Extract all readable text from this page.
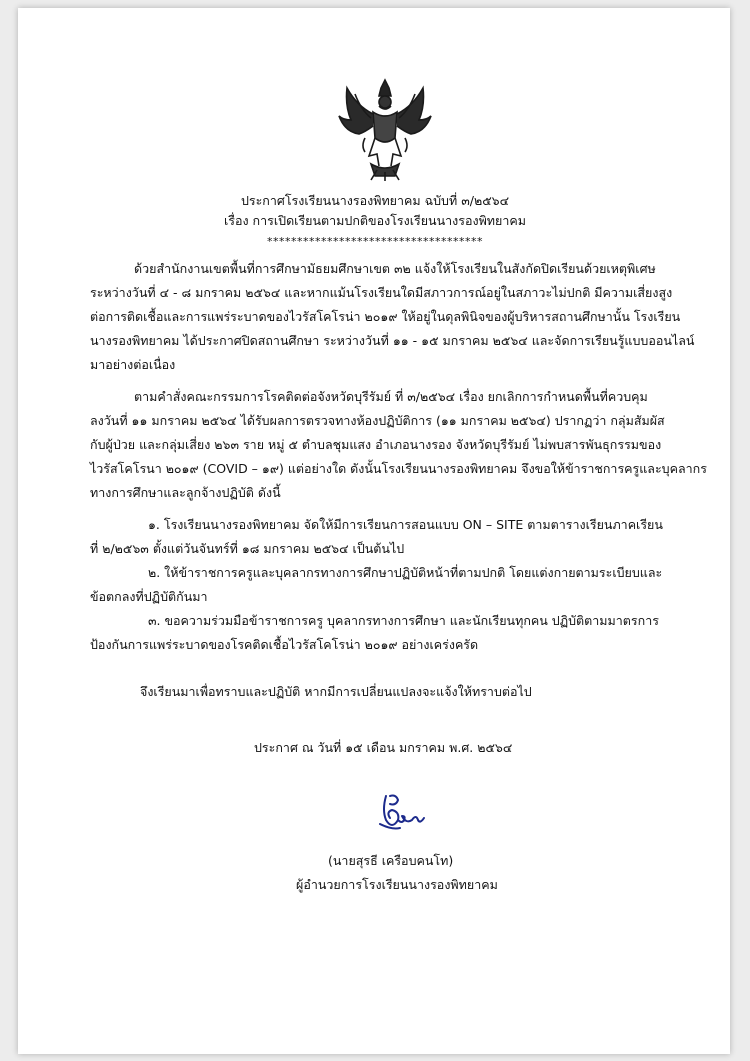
ประกาศโรงเรียนนางรองพิทยาคม ฉบับที่ ๓/๒๕๖๔
เรื่อง การเปิดเรียนตามปกติของโรงเรียนนางรองพิทยาคม
************************************
ด้วยสำนักงานเขตพื้นที่การศึกษามัธยมศึกษาเขต ๓๒ แจ้งให้โรงเรียนในสังกัดปิดเรียนด้วยเหตุพิเศษ
ระหว่างวันที่ ๔ - ๘ มกราคม ๒๕๖๔ และหากแม้นโรงเรียนใดมีสภาวการณ์อยู่ในสภาวะไม่ปกติ มีความเสี่ยงสูง
ต่อการติดเชื้อและการแพร่ระบาดของไวรัสโคโรน่า ๒๐๑๙ ให้อยู่ในดุลพินิจของผู้บริหารสถานศึกษานั้น โรงเรียน
นางรองพิทยาคม ได้ประกาศปิดสถานศึกษา ระหว่างวันที่ ๑๑ - ๑๕ มกราคม ๒๕๖๔ และจัดการเรียนรู้แบบออนไลน์
มาอย่างต่อเนื่อง
ตามคำสั่งคณะกรรมการโรคติดต่อจังหวัดบุรีรัมย์ ที่ ๓/๒๕๖๔ เรื่อง ยกเลิกการกำหนดพื้นที่ควบคุม
ลงวันที่ ๑๑ มกราคม ๒๕๖๔ ได้รับผลการตรวจทางห้องปฏิบัติการ (๑๑ มกราคม ๒๕๖๔) ปรากฏว่า กลุ่มสัมผัส
กับผู้ป่วย และกลุ่มเสี่ยง ๒๖๓ ราย หมู่ ๕ ตำบลชุมแสง อำเภอนางรอง จังหวัดบุรีรัมย์ ไม่พบสารพันธุกรรมของ
ไวรัสโคโรนา ๒๐๑๙ (COVID – ๑๙) แต่อย่างใด ดังนั้นโรงเรียนนางรองพิทยาคม จึงขอให้ข้าราชการครูและบุคลากร
ทางการศึกษาและลูกจ้างปฏิบัติ ดังนี้
๑. โรงเรียนนางรองพิทยาคม จัดให้มีการเรียนการสอนแบบ ON – SITE ตามตารางเรียนภาคเรียน
ที่ ๒/๒๕๖๓ ตั้งแต่วันจันทร์ที่ ๑๘ มกราคม ๒๕๖๔ เป็นต้นไป
๒. ให้ข้าราชการครูและบุคลากรทางการศึกษาปฏิบัติหน้าที่ตามปกติ โดยแต่งกายตามระเบียบและ
ข้อตกลงที่ปฏิบัติกันมา
๓. ขอความร่วมมือข้าราชการครู บุคลากรทางการศึกษา และนักเรียนทุกคน ปฏิบัติตามมาตรการ
ป้องกันการแพร่ระบาดของโรคติดเชื้อไวรัสโคโรน่า ๒๐๑๙ อย่างเคร่งครัด
จึงเรียนมาเพื่อทราบและปฏิบัติ หากมีการเปลี่ยนแปลงจะแจ้งให้ทราบต่อไป
ประกาศ ณ วันที่ ๑๕ เดือน มกราคม พ.ศ. ๒๕๖๔
(นายสุรธี เครือบคนโท)
ผู้อำนวยการโรงเรียนนางรองพิทยาคม
